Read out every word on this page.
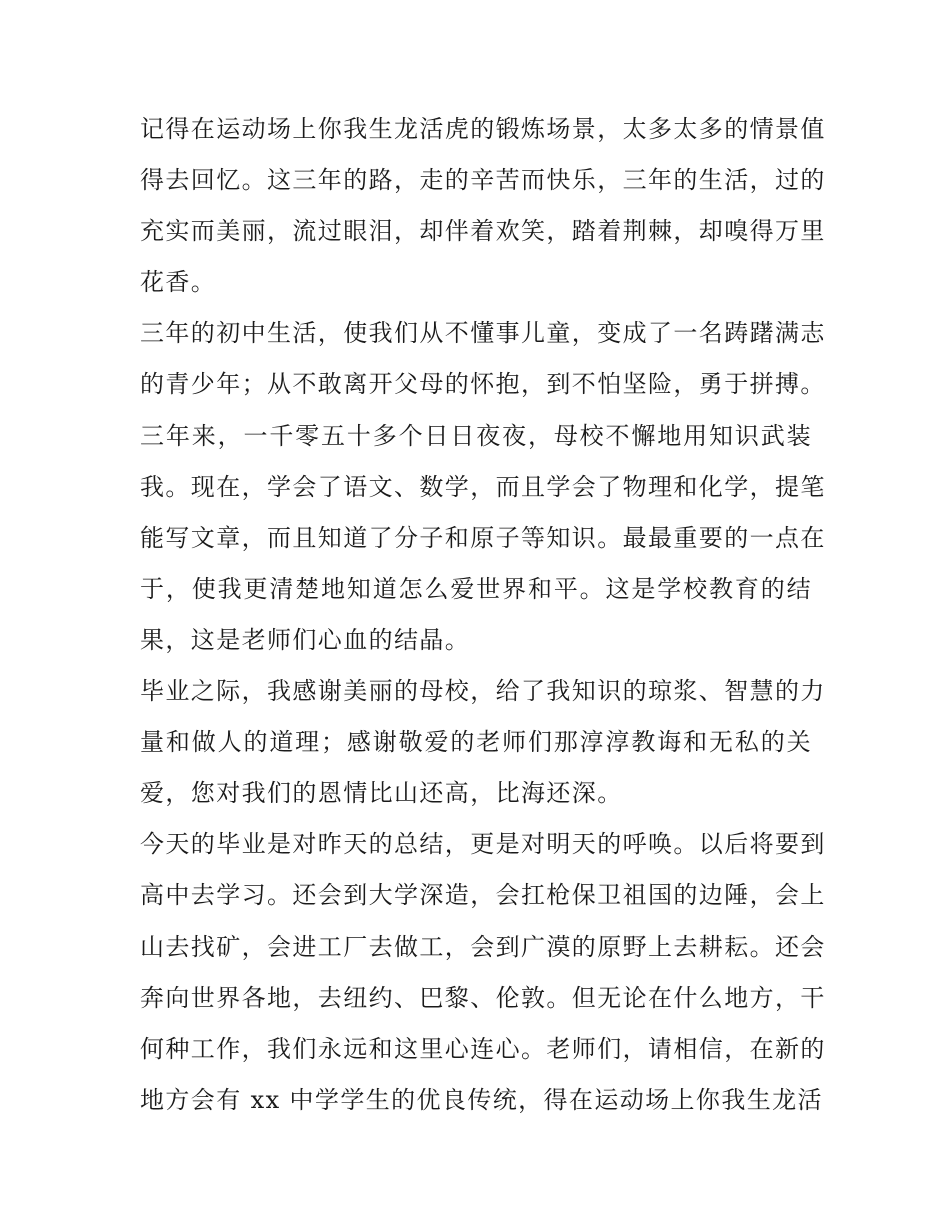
记得在运动场上你我生龙活虎的锻炼场景，太多太多的情景值
得去回忆。这三年的路，走的辛苦而快乐，三年的生活，过的
充实而美丽，流过眼泪，却伴着欢笑，踏着荆棘，却嗅得万里
花香。
三年的初中生活，使我们从不懂事儿童，变成了一名踌躇满志
的青少年；从不敢离开父母的怀抱，到不怕坚险，勇于拼搏。
三年来，一千零五十多个日日夜夜，母校不懈地用知识武装
我。现在，学会了语文、数学，而且学会了物理和化学，提笔
能写文章，而且知道了分子和原子等知识。最最重要的一点在
于，使我更清楚地知道怎么爱世界和平。这是学校教育的结
果，这是老师们心血的结晶。
毕业之际，我感谢美丽的母校，给了我知识的琼浆、智慧的力
量和做人的道理；感谢敬爱的老师们那淳淳教诲和无私的关
爱，您对我们的恩情比山还高，比海还深。
今天的毕业是对昨天的总结，更是对明天的呼唤。以后将要到
高中去学习。还会到大学深造，会扛枪保卫祖国的边陲，会上
山去找矿，会进工厂去做工，会到广漠的原野上去耕耘。还会
奔向世界各地，去纽约、巴黎、伦敦。但无论在什么地方，干
何种工作，我们永远和这里心连心。老师们，请相信，在新的
地方会有 xx 中学学生的优良传统，得在运动场上你我生龙活
